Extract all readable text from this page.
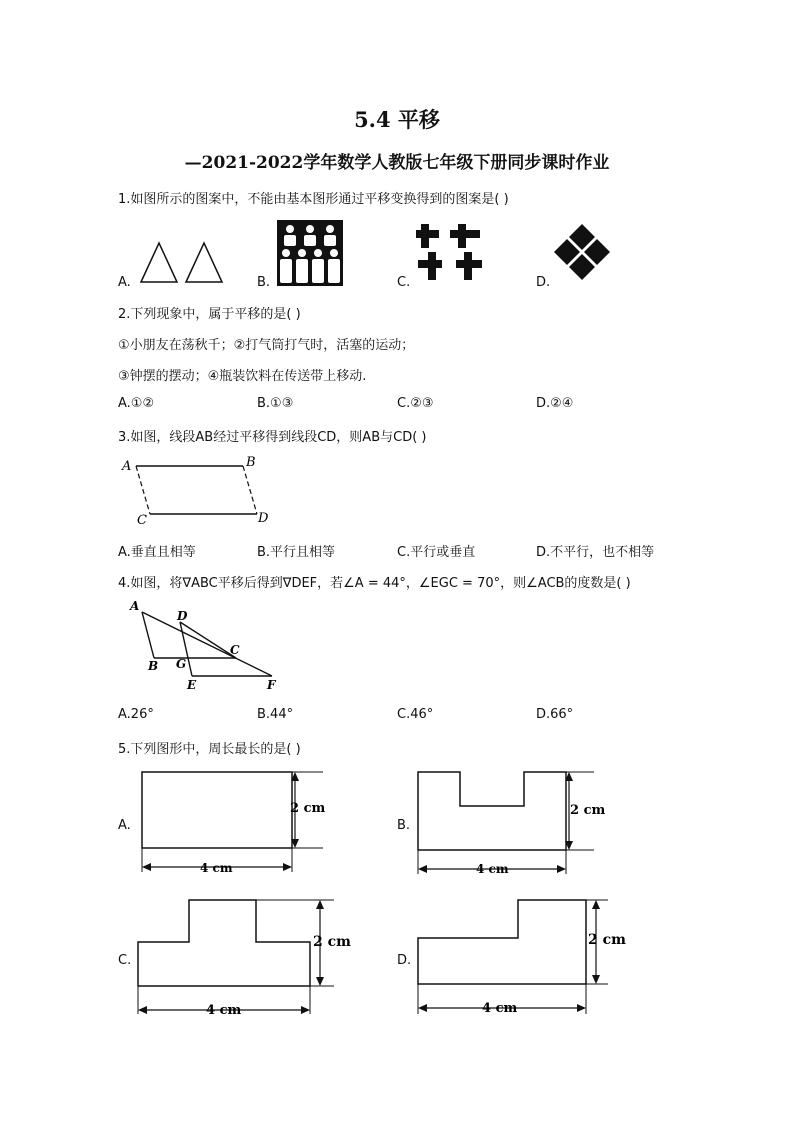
5.4 平移
—2021-2022学年数学人教版七年级下册同步课时作业
1.如图所示的图案中，不能由基本图形通过平移变换得到的图案是( )
A.	B.	C.	D.
2.下列现象中，属于平移的是( )
①小朋友在荡秋千；②打气筒打气时，活塞的运动；
③钟摆的摆动；④瓶装饮料在传送带上移动.
A.①②	B.①③	C.②③	D.②④
3.如图，线段AB经过平移得到线段CD，则AB与CD( )
A	B
C	D
A.垂直且相等	B.平行且相等	C.平行或垂直	D.不平行，也不相等
4.如图，将∇ABC平移后得到∇DEF，若∠A = 44°，∠EGC = 70°，则∠ACB的度数是( )
A
B
C
D
E	F
G
A.26°	B.44°	C.46°	D.66°
5.下列图形中，周长最长的是( )
A.
2 cm
4 cm
B.
2 cm
4 cm
C.
2 cm
4 cm
D.
2 cm
4 cm
